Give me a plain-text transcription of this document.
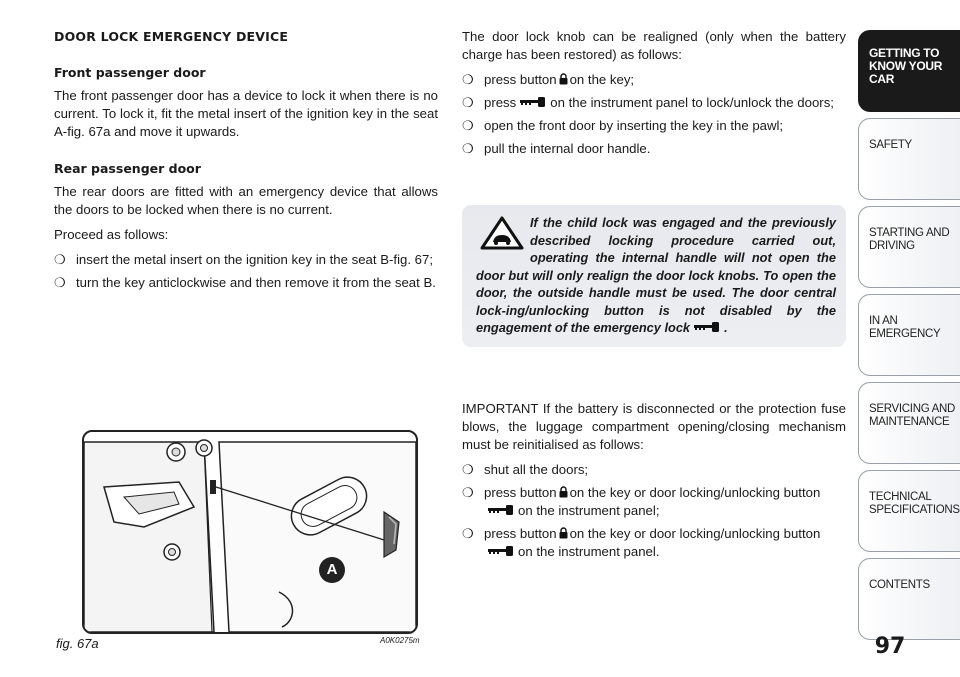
DOOR LOCK EMERGENCY DEVICE
Front passenger door

The front passenger door has a device to lock it when there is no current. To lock it, fit the metal insert of the ignition key in the seat A-fig. 67a and move it upwards.

Rear passenger door

The rear doors are fitted with an emergency device that allows the doors to be locked when there is no current.

Proceed as follows:

❍ insert the metal insert on the ignition key in the seat B-fig. 67;
❍ turn the key anticlockwise and then remove it from the seat B.

The door lock knob can be realigned (only when the battery charge has been restored) as follows:

❍ press button on the key;
❍ press	on the instrument panel to lock/unlock the doors;
❍ open the front door by inserting the key in the pawl;
❍ pull the internal door handle.
If the child lock was engaged and the previously described locking procedure carried out, operating the internal handle will not open the door but will only realign the door lock knobs. To open the door, the outside handle must be used. The door central lock-ing/unlocking button is not disabled by the engagement of the emergency lock	.

IMPORTANT If the battery is disconnected or the protection fuse blows, the luggage compartment opening/closing mechanism must be reinitialised as follows:

❍ shut all the doors;
❍ press button on the key or door locking/unlocking button
on the instrument panel;
❍ press button on the key or door locking/unlocking button
on the instrument panel.
A
fig. 67a	A0K0275m
GETTING TO KNOW YOUR CAR
SAFETY
STARTING AND DRIVING
IN AN EMERGENCY
SERVICING AND MAINTENANCE
TECHNICAL SPECIFICATIONS
CONTENTS
97
